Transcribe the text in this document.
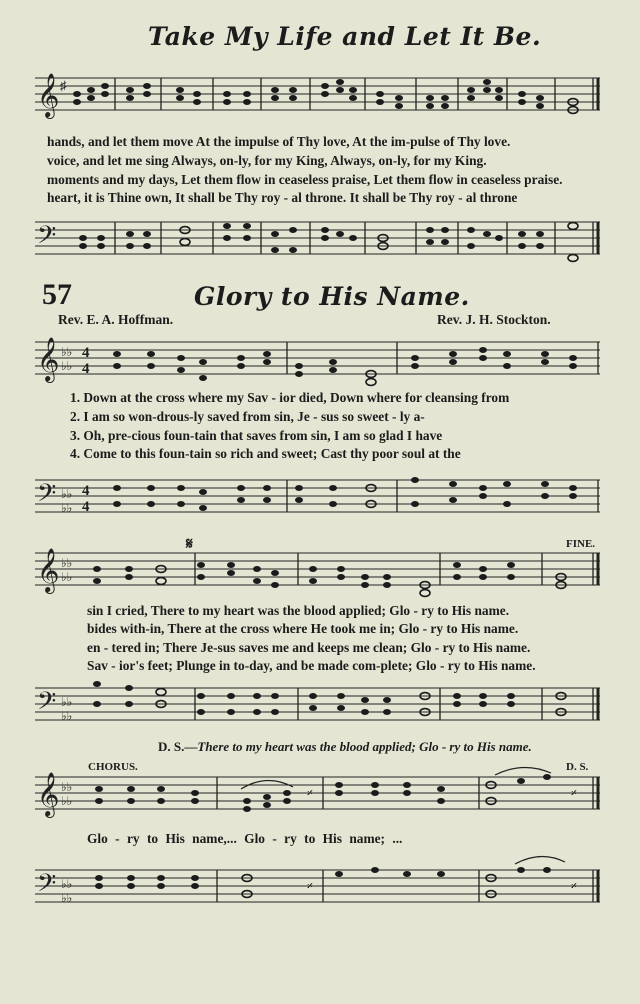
Take My Life and Let It Be.
𝄞 ♯
hands, and let them move At the impulse of Thy love, At the im-pulse of Thy love.
voice, and let me sing Always, on-ly, for my King, Always, on-ly, for my King.
moments and my days, Let them flow in ceaseless praise, Let them flow in ceaseless praise.
heart, it is Thine own, It shall be Thy roy - al throne. It shall be Thy roy - al throne
𝄢
57	Glory to His Name.
Rev. E. A. Hoffman.	Rev. J. H. Stockton.
𝄞 ♭♭
♭♭
4
4
1. Down at the cross where my Sav - ior died, Down where for cleansing from
2. I am so won-drous-ly saved from sin, Je - sus so sweet - ly a-
3. Oh, pre-cious foun-tain that saves from sin, I am so glad I have
4. Come to this foun-tain so rich and sweet; Cast thy poor soul at the
𝄢 ♭♭
♭♭
4
4
𝄋	FINE.
𝄞 ♭♭
♭♭
sin I cried, There to my heart was the blood applied; Glo - ry to His name.
bides with-in, There at the cross where He took me in; Glo - ry to His name.
en - tered in; There Je-sus saves me and keeps me clean; Glo - ry to His name.
Sav - ior's feet; Plunge in to-day, and be made com-plete; Glo - ry to His name.
𝄢 ♭♭
♭♭
D. S.—There to my heart was the blood applied; Glo - ry to His name.
CHORUS.	D. S.
𝄞 ♭♭
♭♭
𝄎	𝄎
Glo - ry to His name,... Glo - ry to His name; ...
𝄢 ♭♭
♭♭
𝄎	𝄎
